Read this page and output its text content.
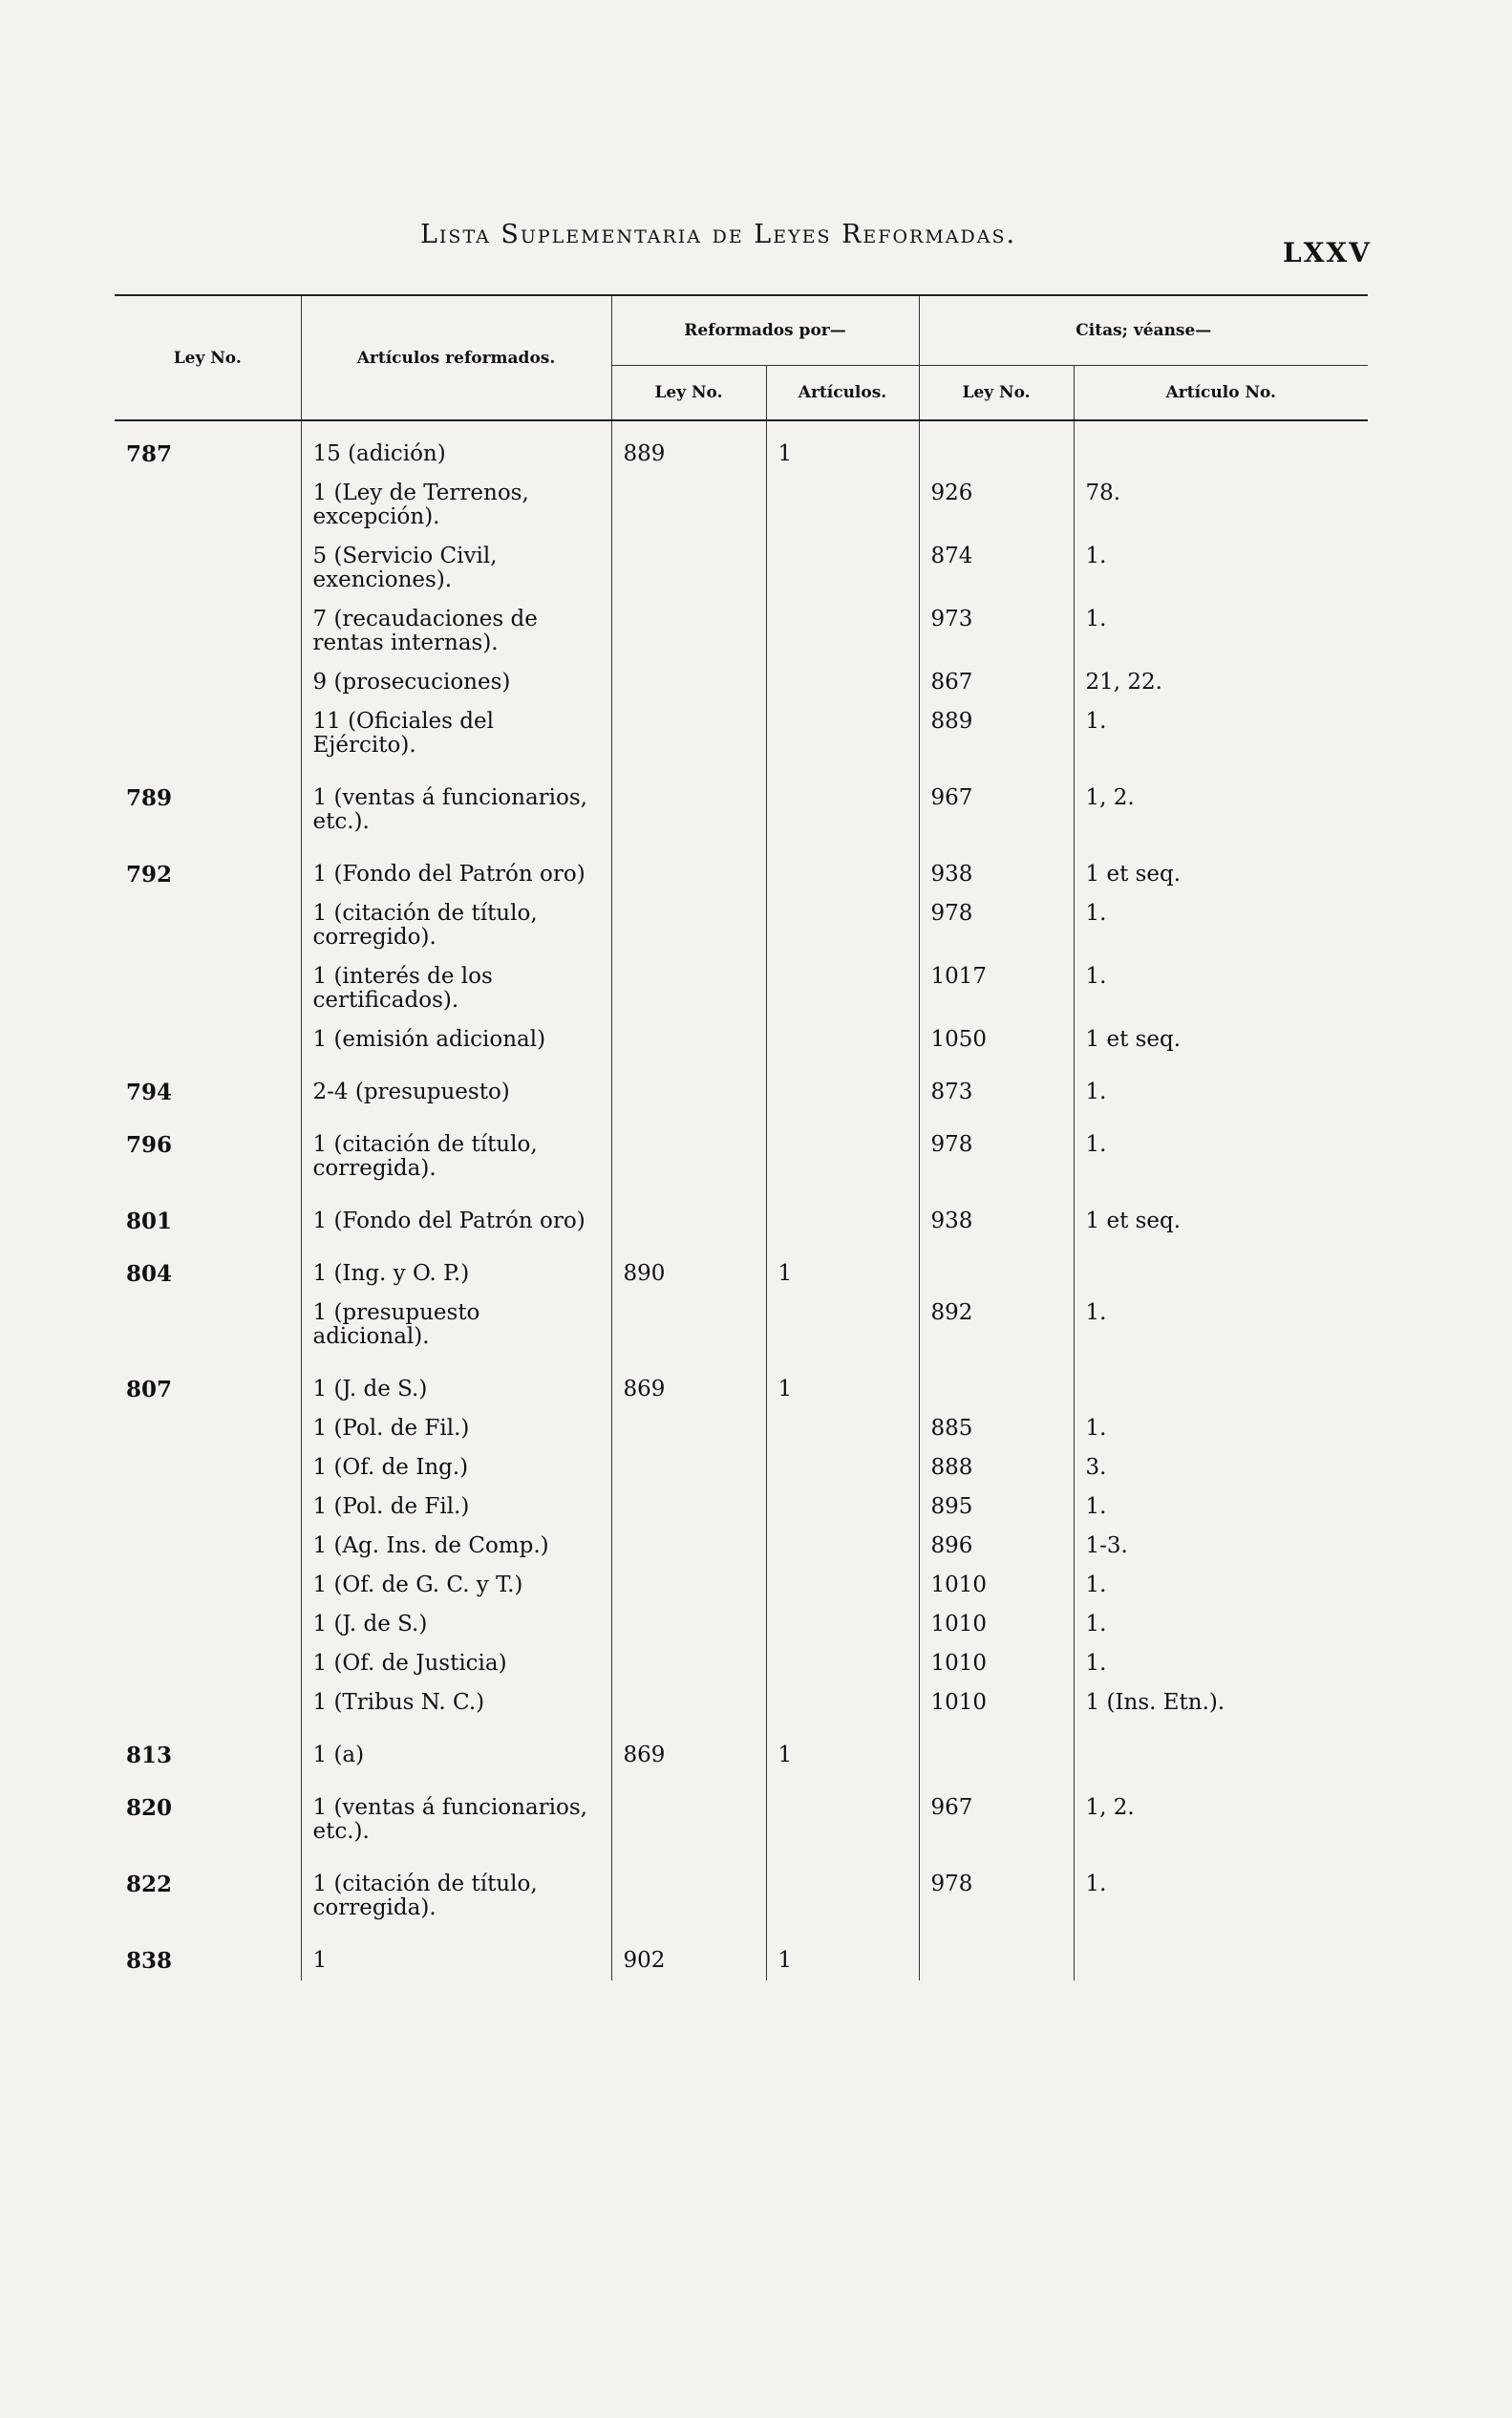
Lista Suplementaria de Leyes Reformadas.
LXXV
Ley No.	Artículos reformados.	Reformados por—		Citas; véanse—	
		Ley No.	Artículos.	Ley No.	Artículo No.
787	15 (adición)	889	1		
	1 (Ley de Terrenos, excepción).			926	78.
	5 (Servicio Civil, exenciones).			874	1.
	7 (recaudaciones de rentas internas).			973	1.
	9 (prosecuciones)			867	21, 22.
	11 (Oficiales del Ejército).			889	1.
789	1 (ventas á funcionarios, etc.).			967	1, 2.
792	1 (Fondo del Patrón oro)			938	1 et seq.
	1 (citación de título, corregido).			978	1.
	1 (interés de los certificados).			1017	1.
	1 (emisión adicional)			1050	1 et seq.
794	2-4 (presupuesto)			873	1.
796	1 (citación de título, corregida).			978	1.
801	1 (Fondo del Patrón oro)			938	1 et seq.
804	1 (Ing. y O. P.)	890	1		
	1 (presupuesto adicional).			892	1.
807	1 (J. de S.)	869	1		
	1 (Pol. de Fil.)			885	1.
	1 (Of. de Ing.)			888	3.
	1 (Pol. de Fil.)			895	1.
	1 (Ag. Ins. de Comp.)			896	1-3.
	1 (Of. de G. C. y T.)			1010	1.
	1 (J. de S.)			1010	1.
	1 (Of. de Justicia)			1010	1.
	1 (Tribus N. C.)			1010	1 (Ins. Etn.).
813	1 (a)	869	1		
820	1 (ventas á funcionarios, etc.).			967	1, 2.
822	1 (citación de título, corregida).			978	1.
838	1	902	1		
